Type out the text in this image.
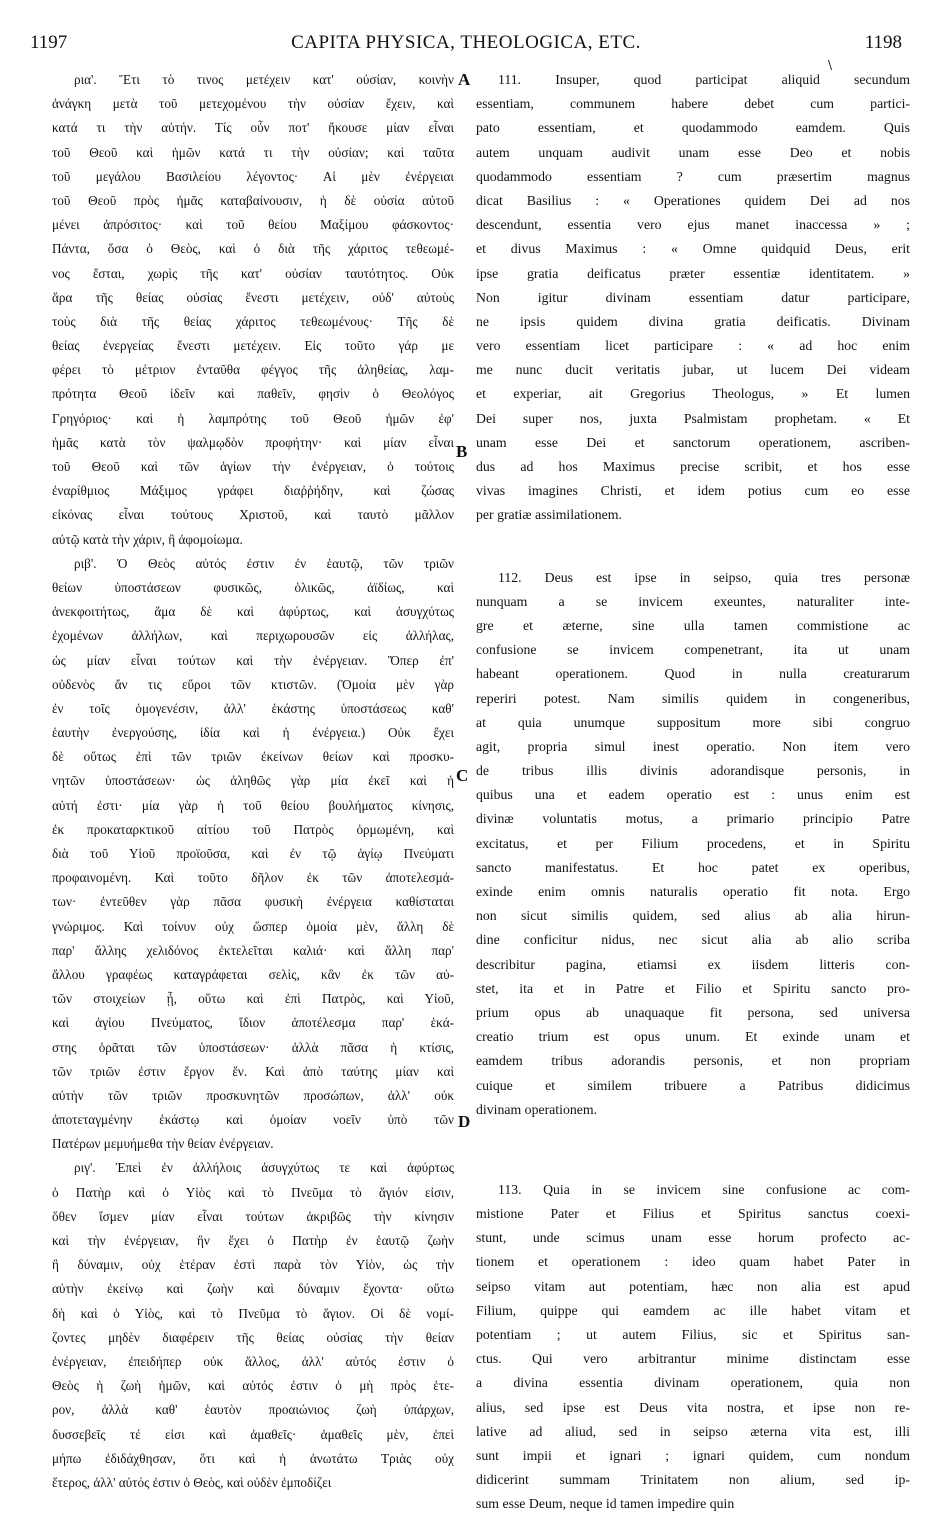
1197	CAPITA PHYSICA, THEOLOGICA, ETC.	1198
\
A
B
C
D
ρια'. Ἔτι τὸ τινος μετέχειν κατ' οὐσίαν, κοινὴν
ἀνάγκη μετὰ τοῦ μετεχομένου τὴν οὐσίαν ἔχειν, καὶ
κατά τι τὴν αὐτήν. Τίς οὖν ποτ' ἤκουσε μίαν εἶναι
τοῦ Θεοῦ καὶ ἡμῶν κατά τι τὴν οὐσίαν; καὶ ταῦτα
τοῦ μεγάλου Βασιλείου λέγοντος· Αἱ μὲν ἐνέργειαι
τοῦ Θεοῦ πρὸς ἡμᾶς καταβαίνουσιν, ἡ δὲ οὐσία αὐτοῦ
μένει ἀπρόσιτος· καὶ τοῦ θείου Μαξίμου φάσκοντος·
Πάντα, ὅσα ὁ Θεὸς, καὶ ὁ διὰ τῆς χάριτος τεθεωμέ-
νος ἔσται, χωρὶς τῆς κατ' οὐσίαν ταυτότητος. Οὐκ
ἄρα τῆς θείας οὐσίας ἔνεστι μετέχειν, οὐδ' αὐτοὺς
τοὺς διὰ τῆς θείας χάριτος τεθεωμένους· Τῆς δὲ
θείας ἐνεργείας ἔνεστι μετέχειν. Εἰς τοῦτο γάρ με
φέρει τὸ μέτριον ἐνταῦθα φέγγος τῆς ἀληθείας, λαμ-
πρότητα Θεοῦ ἰδεῖν καὶ παθεῖν, φησὶν ὁ Θεολόγος
Γρηγόριος· καὶ ἡ λαμπρότης τοῦ Θεοῦ ἡμῶν ἐφ'
ἡμᾶς κατὰ τὸν ψαλμῳδὸν προφήτην· καὶ μίαν εἶναι
τοῦ Θεοῦ καὶ τῶν ἁγίων τὴν ἐνέργειαν, ὁ τούτοις
ἐναρίθμιος Μάξιμος γράφει διαῤῥήδην, καὶ ζώσας
εἰκόνας εἶναι τούτους Χριστοῦ, καὶ ταυτὸ μᾶλλον
αὐτῷ κατὰ τὴν χάριν, ἢ ἀφομοίωμα.
ριβ'. Ὁ Θεὸς αὐτός ἐστιν ἐν ἑαυτῷ, τῶν τριῶν
θείων ὑποστάσεων φυσικῶς, ὁλικῶς, ἀϊδίως, καὶ
ἀνεκφοιτήτως, ἅμα δὲ καὶ ἀφύρτως, καὶ ἀσυγχύτως
ἐχομένων ἀλλήλων, καὶ περιχωρουσῶν εἰς ἀλλήλας,
ὡς μίαν εἶναι τούτων καὶ τὴν ἐνέργειαν. Ὅπερ ἐπ'
οὐδενὸς ἄν τις εὕροι τῶν κτιστῶν. (Ὁμοία μὲν γὰρ
ἐν τοῖς ὁμογενέσιν, ἀλλ' ἑκάστης ὑποστάσεως καθ'
ἑαυτὴν ἐνεργούσης, ἰδία καὶ ἡ ἐνέργεια.) Οὐκ ἔχει
δὲ οὕτως ἐπὶ τῶν τριῶν ἐκείνων θείων καὶ προσκυ-
νητῶν ὑποστάσεων· ὡς ἀληθῶς γὰρ μία ἐκεῖ καὶ ἡ
αὐτή ἐστι· μία γὰρ ἡ τοῦ θείου βουλήματος κίνησις,
ἐκ προκαταρκτικοῦ αἰτίου τοῦ Πατρὸς ὁρμωμένη, καὶ
διὰ τοῦ Υἱοῦ προϊοῦσα, καὶ ἐν τῷ ἁγίῳ Πνεύματι
προφαινομένη. Καὶ τοῦτο δῆλον ἐκ τῶν ἀποτελεσμά-
των· ἐντεῦθεν γὰρ πᾶσα φυσικὴ ἐνέργεια καθίσταται
γνώριμος. Καὶ τοίνυν οὐχ ὥσπερ ὁμοία μὲν, ἄλλη δὲ
παρ' ἄλλης χελιδόνος ἐκτελεῖται καλιά· καὶ ἄλλη παρ'
ἄλλου γραφέως καταγράφεται σελὶς, κἂν ἐκ τῶν αὐ-
τῶν στοιχείων ᾖ, οὕτω καὶ ἐπὶ Πατρὸς, καὶ Υἱοῦ,
καὶ ἁγίου Πνεύματος, ἴδιον ἀποτέλεσμα παρ' ἑκά-
στης ὁρᾶται τῶν ὑποστάσεων· ἀλλὰ πᾶσα ἡ κτίσις,
τῶν τριῶν ἐστιν ἔργον ἕν. Καὶ ἀπὸ ταύτης μίαν καὶ
αὐτὴν τῶν τριῶν προσκυνητῶν προσώπων, ἀλλ' οὐκ
ἀποτεταγμένην ἑκάστῳ καὶ ὁμοίαν νοεῖν ὑπὸ τῶν
Πατέρων μεμυήμεθα τὴν θείαν ἐνέργειαν.
ριγ'. Ἐπεὶ ἐν ἀλλήλοις ἀσυγχύτως τε καὶ ἀφύρτως
ὁ Πατὴρ καὶ ὁ Υἱὸς καὶ τὸ Πνεῦμα τὸ ἅγιόν εἰσιν,
ὅθεν ἴσμεν μίαν εἶναι τούτων ἀκριβῶς τὴν κίνησιν
καὶ τὴν ἐνέργειαν, ἣν ἔχει ὁ Πατὴρ ἐν ἑαυτῷ ζωὴν
ἢ δύναμιν, οὐχ ἑτέραν ἐστὶ παρὰ τὸν Υἱὸν, ὡς τὴν
αὐτὴν ἐκείνῳ καὶ ζωὴν καὶ δύναμιν ἔχοντα· οὕτω
δὴ καὶ ὁ Υἱὸς, καὶ τὸ Πνεῦμα τὸ ἅγιον. Οἱ δὲ νομί-
ζοντες μηδὲν διαφέρειν τῆς θείας οὐσίας τὴν θείαν
ἐνέργειαν, ἐπειδήπερ οὐκ ἄλλος, ἀλλ' αὐτός ἐστιν ὁ
Θεὸς ἡ ζωὴ ἡμῶν, καὶ αὐτός ἐστιν ὁ μὴ πρὸς ἑτε-
ρον, ἀλλὰ καθ' ἑαυτὸν προαιώνιος ζωὴ ὑπάρχων,
δυσσεβεῖς τέ εἰσι καὶ ἀμαθεῖς· ἀμαθεῖς μὲν, ἐπεὶ
μήπω ἐδιδάχθησαν, ὅτι καὶ ἡ ἀνωτάτω Τριὰς οὐχ
ἕτερος, ἀλλ' αὐτός ἐστιν ὁ Θεὸς, καὶ οὐδὲν ἐμποδίζει
111. Insuper, quod participat aliquid secundum
essentiam, communem habere debet cum partici-
pato essentiam, et quodammodo eamdem. Quis
autem unquam audivit unam esse Deo et nobis
quodammodo essentiam ? cum præsertim magnus
dicat Basilius : « Operationes quidem Dei ad nos
descendunt, essentia vero ejus manet inaccessa » ;
et divus Maximus : « Omne quidquid Deus, erit
ipse gratia deificatus præter essentiæ identitatem. »
Non igitur divinam essentiam datur participare,
ne ipsis quidem divina gratia deificatis. Divinam
vero essentiam licet participare : « ad hoc enim
me nunc ducit veritatis jubar, ut lucem Dei videam
et experiar, ait Gregorius Theologus, » Et lumen
Dei super nos, juxta Psalmistam prophetam. « Et
unam esse Dei et sanctorum operationem, ascriben-
dus ad hos Maximus precise scribit, et hos esse
vivas imagines Christi, et idem potius cum eo esse
per gratiæ assimilationem.
112. Deus est ipse in seipso, quia tres personæ
nunquam a se invicem exeuntes, naturaliter inte-
gre et æterne, sine ulla tamen commistione ac
confusione se invicem compenetrant, ita ut unam
habeant operationem. Quod in nulla creaturarum
reperiri potest. Nam similis quidem in congeneribus,
at quia unumque suppositum more sibi congruo
agit, propria simul inest operatio. Non item vero
de tribus illis divinis adorandisque personis, in
quibus una et eadem operatio est : unus enim est
divinæ voluntatis motus, a primario principio Patre
excitatus, et per Filium procedens, et in Spiritu
sancto manifestatus. Et hoc patet ex operibus,
exinde enim omnis naturalis operatio fit nota. Ergo
non sicut similis quidem, sed alius ab alia hirun-
dine conficitur nidus, nec sicut alia ab alio scriba
describitur pagina, etiamsi ex iisdem litteris con-
stet, ita et in Patre et Filio et Spiritu sancto pro-
prium opus ab unaquaque fit persona, sed universa
creatio trium est opus unum. Et exinde unam et
eamdem tribus adorandis personis, et non propriam
cuique et similem tribuere a Patribus didicimus
divinam operationem.
113. Quia in se invicem sine confusione ac com-
mistione Pater et Filius et Spiritus sanctus coexi-
stunt, unde scimus unam esse horum profecto ac-
tionem et operationem : ideo quam habet Pater in
seipso vitam aut potentiam, hæc non alia est apud
Filium, quippe qui eamdem ac ille habet vitam et
potentiam ; ut autem Filius, sic et Spiritus san-
ctus. Qui vero arbitrantur minime distinctam esse
a divina essentia divinam operationem, quia non
alius, sed ipse est Deus vita nostra, et ipse non re-
lative ad aliud, sed in seipso æterna vita est, illi
sunt impii et ignari ; ignari quidem, cum nondum
didicerint summam Trinitatem non alium, sed ip-
sum esse Deum, neque id tamen impedire quin
